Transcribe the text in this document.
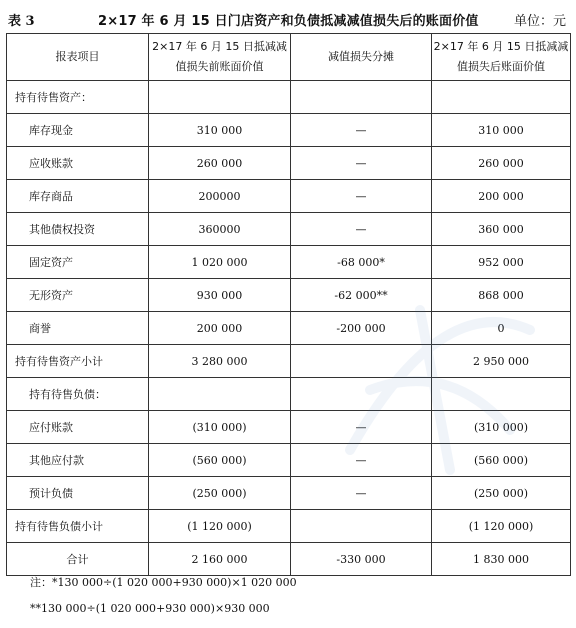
表 3	2×17 年 6 月 15 日门店资产和负债抵减减值损失后的账面价值	单位：元
报表项目	2×17 年 6 月 15 日抵减减值损失前账面价值	减值损失分摊	2×17 年 6 月 15 日抵减减值损失后账面价值
持有待售资产：			
库存现金	310 000	—	310 000
应收账款	260 000	—	260 000
库存商品	200000	—	200 000
其他债权投资	360000	—	360 000
固定资产	1 020 000	-68 000*	952 000
无形资产	930 000	-62 000**	868 000
商誉	200 000	-200 000	0
持有待售资产小计	3 280 000		2 950 000
持有待售负债：			
应付账款	(310 000)	—	(310 000)
其他应付款	(560 000)	—	(560 000)
预计负债	(250 000)	—	(250 000)
持有待售负债小计	(1 120 000)		(1 120 000)
合计	2 160 000	-330 000	1 830 000
注：*130 000÷(1 020 000+930 000)×1 020 000
**130 000÷(1 020 000+930 000)×930 000
